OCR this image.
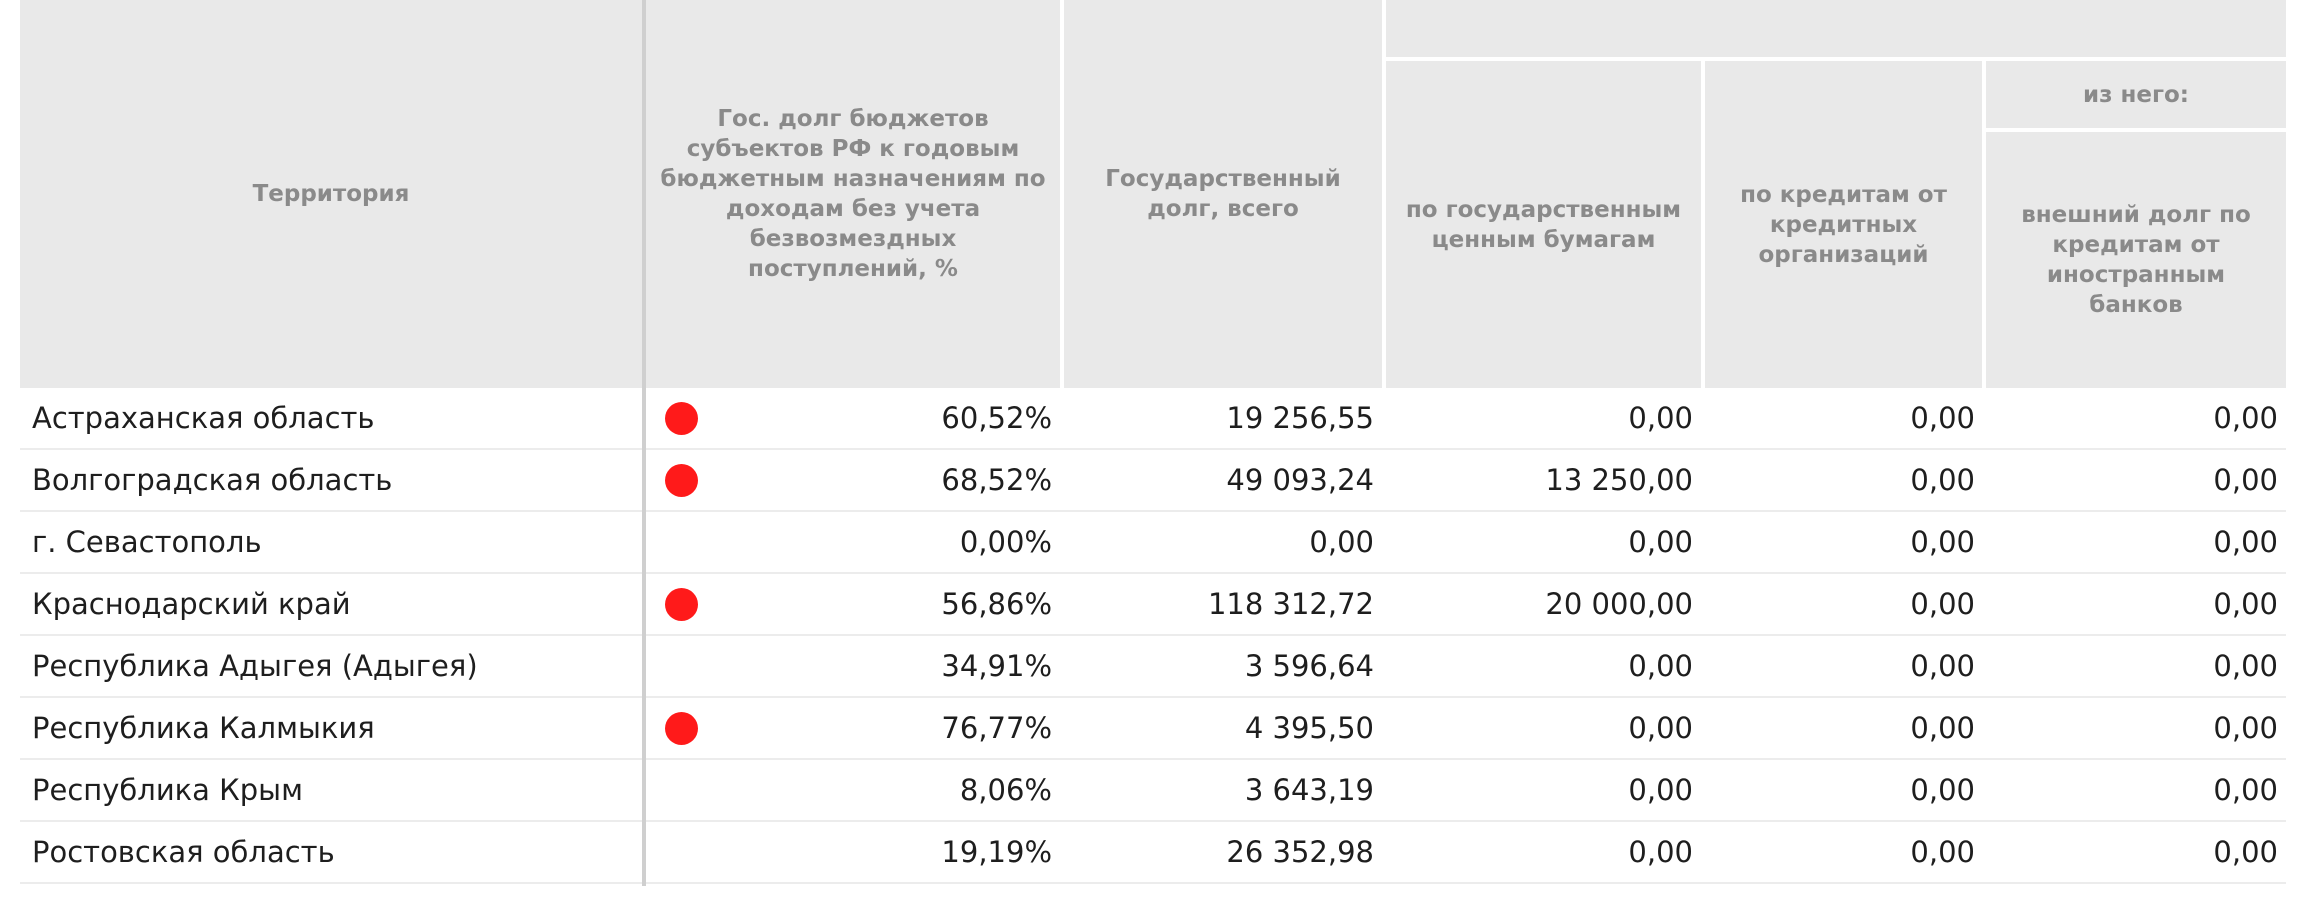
Территория
Гос. долг бюджетов субъектов РФ к годовым бюджетным назначениям по доходам без учета безвозмездных поступлений, %
Государственный долг, всего	по государственным ценным бумагам
по кредитам от кредитных организаций
из него:
внешний долг по кредитам от иностранным банков
Астраханская область	60,52%	19 256,55	0,00	0,00	0,00
Волгоградская область	68,52%	49 093,24	13 250,00	0,00	0,00
г. Севастополь	0,00%	0,00	0,00	0,00	0,00
Краснодарский край	56,86%	118 312,72	20 000,00	0,00	0,00
Республика Адыгея (Адыгея)	34,91%	3 596,64	0,00	0,00	0,00
Республика Калмыкия	76,77%	4 395,50	0,00	0,00	0,00
Республика Крым	8,06%	3 643,19	0,00	0,00	0,00
Ростовская область	19,19%	26 352,98	0,00	0,00	0,00
